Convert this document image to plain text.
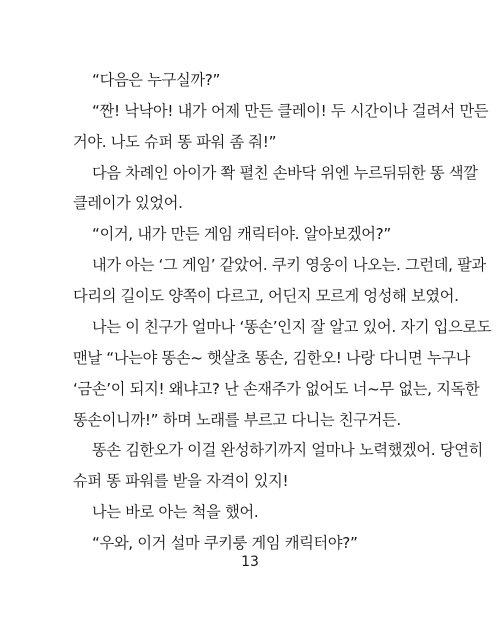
“다음은 누구실까?”
“짠! 낙낙아! 내가 어제 만든 클레이! 두 시간이나 걸려서 만든
거야. 나도 슈퍼 똥 파워 좀 줘!”
다음 차례인 아이가 쫙 펼친 손바닥 위엔 누르뒤뒤한 똥 색깔
클레이가 있었어.
“이거, 내가 만든 게임 캐릭터야. 알아보겠어?”
내가 아는 ‘그 게임’ 같았어. 쿠키 영웅이 나오는. 그런데, 팔과
다리의 길이도 양쪽이 다르고, 어딘지 모르게 엉성해 보였어.
나는 이 친구가 얼마나 ‘똥손’인지 잘 알고 있어. 자기 입으로도
맨날 “나는야 똥손~ 햇살초 똥손, 김한오! 나랑 다니면 누구나
‘금손’이 되지! 왜냐고? 난 손재주가 없어도 너~무 없는, 지독한
똥손이니까!” 하며 노래를 부르고 다니는 친구거든.
똥손 김한오가 이걸 완성하기까지 얼마나 노력했겠어. 당연히
슈퍼 똥 파워를 받을 자격이 있지!
나는 바로 아는 척을 했어.
“우와, 이거 설마 쿠키룽 게임 캐릭터야?”
13
